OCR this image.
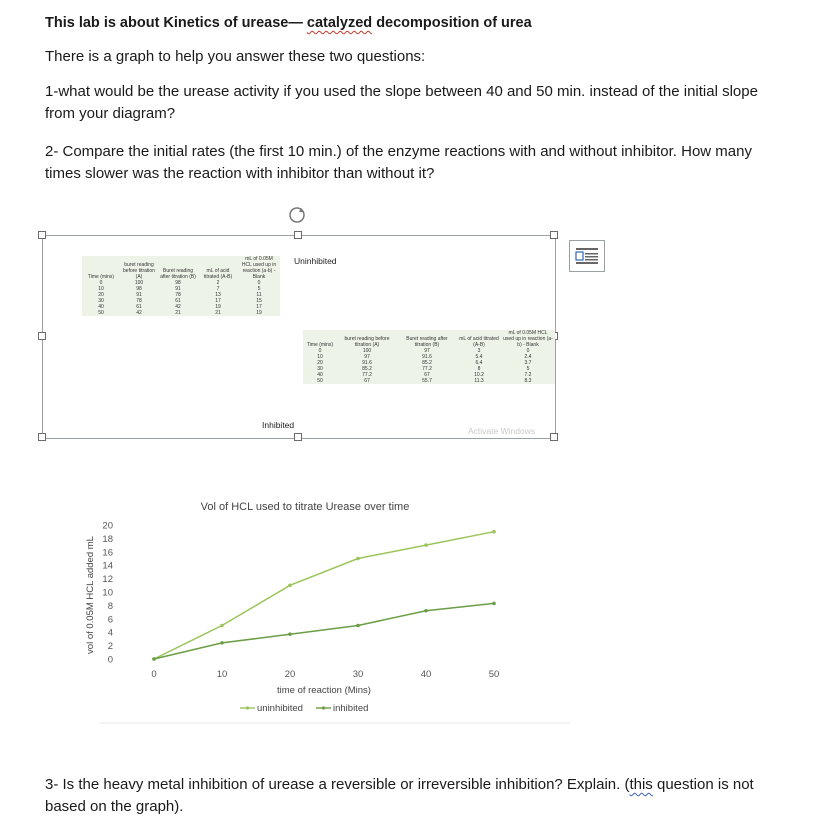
This lab is about Kinetics of urease— catalyzed decomposition of urea
There is a graph to help you answer these two questions:
1-what would be the urease activity if you used the slope between 40 and 50 min. instead of the initial slope from your diagram?
2- Compare the initial rates (the first 10 min.) of the enzyme reactions with and without inhibitor. How many times slower was the reaction with inhibitor than without it?
Uninhibited
Time (mins)	buret reading before titration (A)	Buret reading after titration (B)	mL of acid titrated (A-B)	mL of 0.05M HCL used up in reaction (a-b) - Blank
0	100	98	2	0
10	98	91	7	5
20	91	78	13	11
30	78	61	17	15
40	61	42	19	17
50	42	21	21	19
Inhibited
Time (mins)	buret reading before titration (A)	Buret reading after titration (B)	mL of acid titrated (A-B)	mL of 0.05M HCL used up in reaction (a-b) - Blank
0	100	97	3	0
10	97	91.6	5.4	2.4
20	91.6	85.2	6.4	3.7
30	85.2	77.2	8	5
40	77.2	67	10.2	7.2
50	67	55.7	11.3	8.3
Activate Windows
Vol of HCL used to titrate Urease over time
0
2
4
6
8
10
12
14
16
18
20
0	10	20	30	40	50
vol of 0.05M HCL added mL
time of reaction (Mins)
uninhibited	inhibited
3- Is the heavy metal inhibition of urease a reversible or irreversible inhibition? Explain. (this question is not based on the graph).
